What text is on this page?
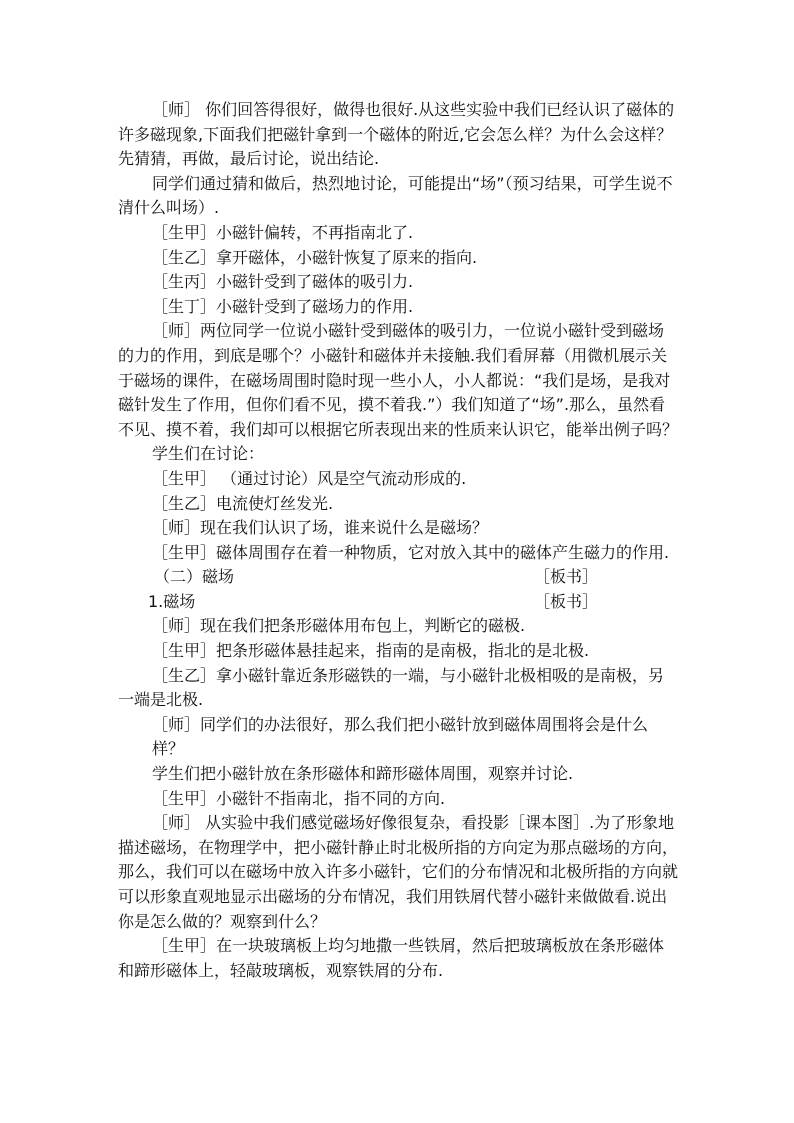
［师］ 你们回答得很好，做得也很好.从这些实验中我们已经认识了磁体的许多磁现象,下面我们把磁针拿到一个磁体的附近,它会怎么样？为什么会这样？先猜猜，再做，最后讨论，说出结论.

同学们通过猜和做后，热烈地讨论，可能提出“场”（预习结果，可学生说不清什么叫场）.

［生甲］小磁针偏转，不再指南北了.

［生乙］拿开磁体，小磁针恢复了原来的指向.

［生丙］小磁针受到了磁体的吸引力.

［生丁］小磁针受到了磁场力的作用.

［师］两位同学一位说小磁针受到磁体的吸引力，一位说小磁针受到磁场的力的作用，到底是哪个？小磁针和磁体并未接触.我们看屏幕（用微机展示关于磁场的课件，在磁场周围时隐时现一些小人，小人都说：“我们是场，是我对磁针发生了作用，但你们看不见，摸不着我.”）我们知道了“场”.那么，虽然看不见、摸不着，我们却可以根据它所表现出来的性质来认识它，能举出例子吗？

学生们在讨论：

［生甲］ （通过讨论）风是空气流动形成的.

［生乙］电流使灯丝发光.

［师］现在我们认识了场，谁来说什么是磁场？

［生甲］磁体周围存在着一种物质，它对放入其中的磁体产生磁力的作用.

（二）磁场	［板书］
1.磁场	［板书］

［师］现在我们把条形磁体用布包上，判断它的磁极.

［生甲］把条形磁体悬挂起来，指南的是南极，指北的是北极.

［生乙］拿小磁针靠近条形磁铁的一端，与小磁针北极相吸的是南极，另一端是北极.

［师］同学们的办法很好，那么我们把小磁针放到磁体周围将会是什么样？

学生们把小磁针放在条形磁体和蹄形磁体周围，观察并讨论.

［生甲］小磁针不指南北，指不同的方向.

［师］ 从实验中我们感觉磁场好像很复杂，看投影［课本图］.为了形象地描述磁场，在物理学中，把小磁针静止时北极所指的方向定为那点磁场的方向，那么，我们可以在磁场中放入许多小磁针，它们的分布情况和北极所指的方向就可以形象直观地显示出磁场的分布情况，我们用铁屑代替小磁针来做做看.说出你是怎么做的？观察到什么？

［生甲］在一块玻璃板上均匀地撒一些铁屑，然后把玻璃板放在条形磁体和蹄形磁体上，轻敲玻璃板，观察铁屑的分布.
